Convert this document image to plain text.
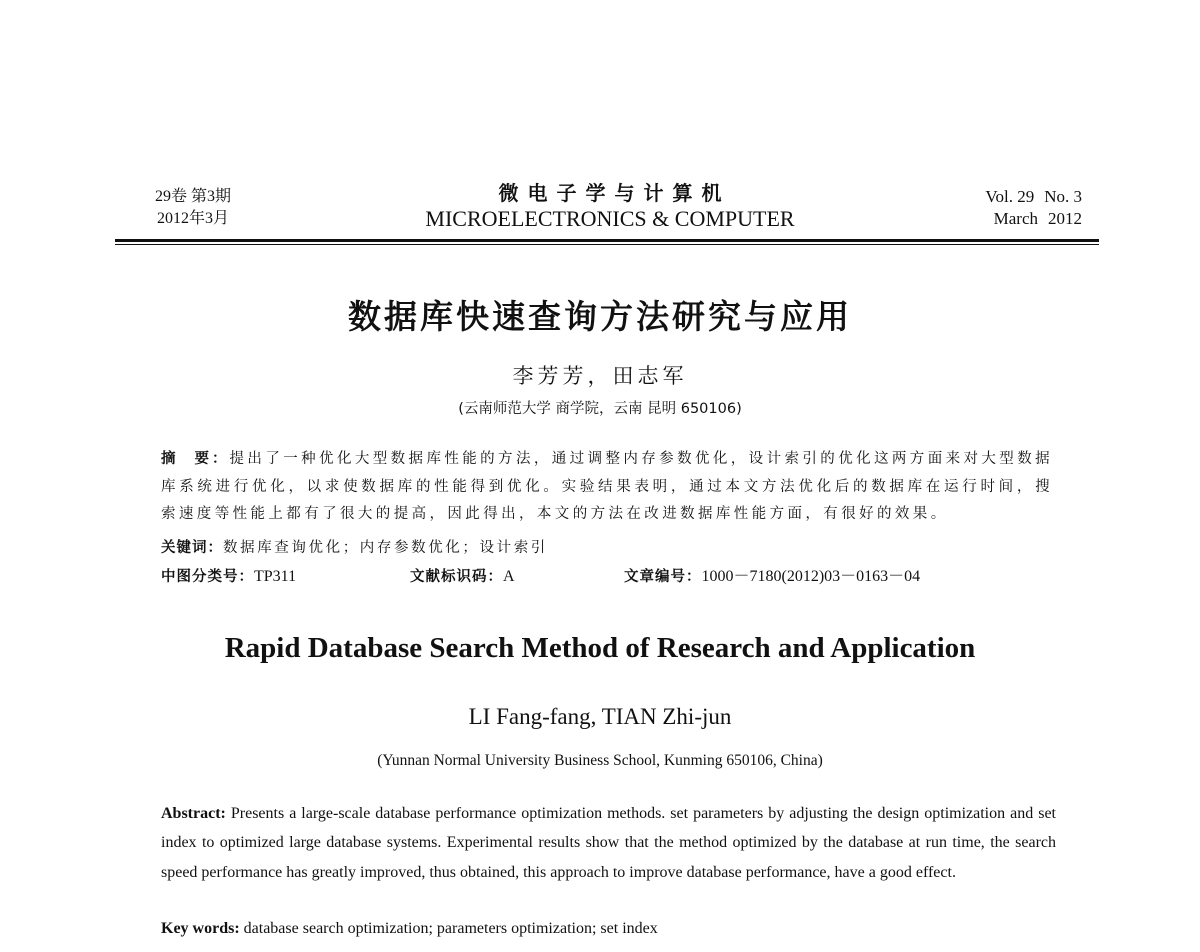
29卷 第3期
2012年3月
微电子学与计算机
MICROELECTRONICS & COMPUTER
Vol. 29 No. 3
March 2012
数据库快速查询方法研究与应用
李芳芳，田志军
(云南师范大学 商学院，云南 昆明 650106)
摘 要：提出了一种优化大型数据库性能的方法，通过调整内存参数优化，设计索引的优化这两方面来对大型数据库系统进行优化，以求使数据库的性能得到优化。实验结果表明，通过本文方法优化后的数据库在运行时间，搜索速度等性能上都有了很大的提高，因此得出，本文的方法在改进数据库性能方面，有很好的效果。
关键词：数据库查询优化；内存参数优化；设计索引
中图分类号：TP311	文献标识码：A	文章编号：1000－7180(2012)03－0163－04
Rapid Database Search Method of Research and Application
LI Fang-fang, TIAN Zhi-jun
(Yunnan Normal University Business School, Kunming 650106, China)
Abstract: Presents a large-scale database performance optimization methods. set parameters by adjusting the design optimization and set index to optimized large database systems. Experimental results show that the method optimized by the database at run time, the search speed performance has greatly improved, thus obtained, this approach to improve database performance, have a good effect.
Key words: database search optimization; parameters optimization; set index
